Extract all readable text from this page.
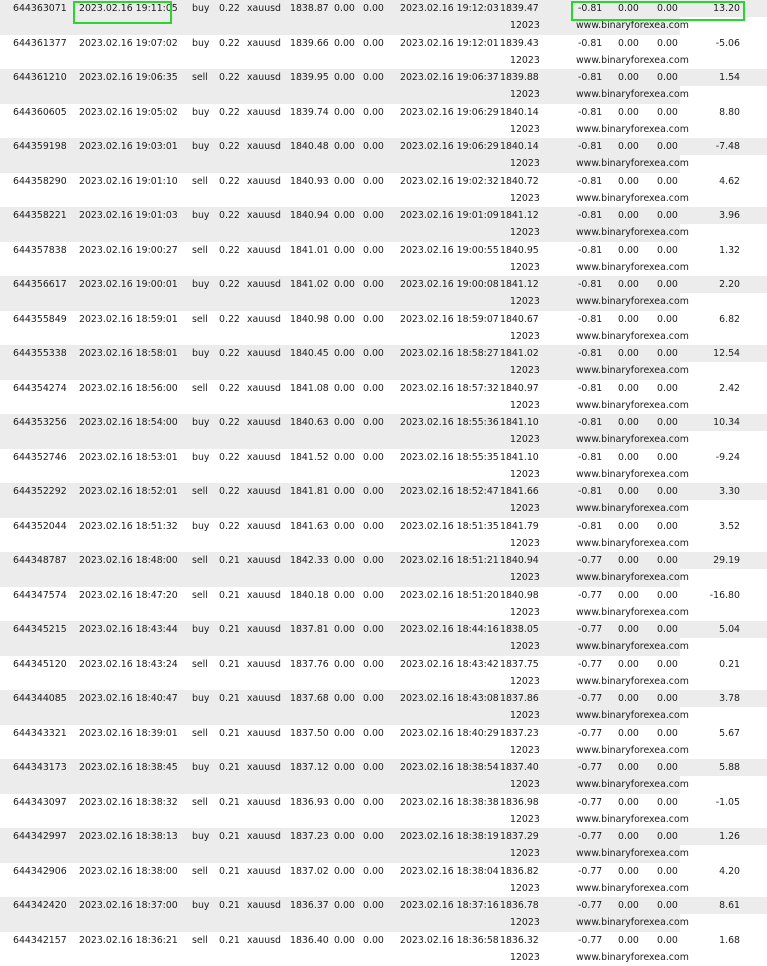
644363071 2023.02.16 19:11:05 buy 0.22 xauusd 1838.87 0.00 0.00 2023.02.16 19:12:03 1839.47	-0.81 0.00 0.00	13.20
12023	www.binaryforexea.com
644361377 2023.02.16 19:07:02 buy 0.22 xauusd 1839.66 0.00 0.00 2023.02.16 19:12:01 1839.43	-0.81 0.00 0.00	-5.06
12023	www.binaryforexea.com
644361210 2023.02.16 19:06:35 sell 0.22 xauusd 1839.95 0.00 0.00 2023.02.16 19:06:37 1839.88	-0.81 0.00 0.00	1.54
12023	www.binaryforexea.com
644360605 2023.02.16 19:05:02 buy 0.22 xauusd 1839.74 0.00 0.00 2023.02.16 19:06:29 1840.14	-0.81 0.00 0.00	8.80
12023	www.binaryforexea.com
644359198 2023.02.16 19:03:01 buy 0.22 xauusd 1840.48 0.00 0.00 2023.02.16 19:06:29 1840.14	-0.81 0.00 0.00	-7.48
12023	www.binaryforexea.com
644358290 2023.02.16 19:01:10 sell 0.22 xauusd 1840.93 0.00 0.00 2023.02.16 19:02:32 1840.72	-0.81 0.00 0.00	4.62
12023	www.binaryforexea.com
644358221 2023.02.16 19:01:03 buy 0.22 xauusd 1840.94 0.00 0.00 2023.02.16 19:01:09 1841.12	-0.81 0.00 0.00	3.96
12023	www.binaryforexea.com
644357838 2023.02.16 19:00:27 sell 0.22 xauusd 1841.01 0.00 0.00 2023.02.16 19:00:55 1840.95	-0.81 0.00 0.00	1.32
12023	www.binaryforexea.com
644356617 2023.02.16 19:00:01 buy 0.22 xauusd 1841.02 0.00 0.00 2023.02.16 19:00:08 1841.12	-0.81 0.00 0.00	2.20
12023	www.binaryforexea.com
644355849 2023.02.16 18:59:01 sell 0.22 xauusd 1840.98 0.00 0.00 2023.02.16 18:59:07 1840.67	-0.81 0.00 0.00	6.82
12023	www.binaryforexea.com
644355338 2023.02.16 18:58:01 buy 0.22 xauusd 1840.45 0.00 0.00 2023.02.16 18:58:27 1841.02	-0.81 0.00 0.00	12.54
12023	www.binaryforexea.com
644354274 2023.02.16 18:56:00 sell 0.22 xauusd 1841.08 0.00 0.00 2023.02.16 18:57:32 1840.97	-0.81 0.00 0.00	2.42
12023	www.binaryforexea.com
644353256 2023.02.16 18:54:00 buy 0.22 xauusd 1840.63 0.00 0.00 2023.02.16 18:55:36 1841.10	-0.81 0.00 0.00	10.34
12023	www.binaryforexea.com
644352746 2023.02.16 18:53:01 buy 0.22 xauusd 1841.52 0.00 0.00 2023.02.16 18:55:35 1841.10	-0.81 0.00 0.00	-9.24
12023	www.binaryforexea.com
644352292 2023.02.16 18:52:01 sell 0.22 xauusd 1841.81 0.00 0.00 2023.02.16 18:52:47 1841.66	-0.81 0.00 0.00	3.30
12023	www.binaryforexea.com
644352044 2023.02.16 18:51:32 buy 0.22 xauusd 1841.63 0.00 0.00 2023.02.16 18:51:35 1841.79	-0.81 0.00 0.00	3.52
12023	www.binaryforexea.com
644348787 2023.02.16 18:48:00 sell 0.21 xauusd 1842.33 0.00 0.00 2023.02.16 18:51:21 1840.94	-0.77 0.00 0.00	29.19
12023	www.binaryforexea.com
644347574 2023.02.16 18:47:20 sell 0.21 xauusd 1840.18 0.00 0.00 2023.02.16 18:51:20 1840.98	-0.77 0.00 0.00	-16.80
12023	www.binaryforexea.com
644345215 2023.02.16 18:43:44 buy 0.21 xauusd 1837.81 0.00 0.00 2023.02.16 18:44:16 1838.05	-0.77 0.00 0.00	5.04
12023	www.binaryforexea.com
644345120 2023.02.16 18:43:24 sell 0.21 xauusd 1837.76 0.00 0.00 2023.02.16 18:43:42 1837.75	-0.77 0.00 0.00	0.21
12023	www.binaryforexea.com
644344085 2023.02.16 18:40:47 buy 0.21 xauusd 1837.68 0.00 0.00 2023.02.16 18:43:08 1837.86	-0.77 0.00 0.00	3.78
12023	www.binaryforexea.com
644343321 2023.02.16 18:39:01 sell 0.21 xauusd 1837.50 0.00 0.00 2023.02.16 18:40:29 1837.23	-0.77 0.00 0.00	5.67
12023	www.binaryforexea.com
644343173 2023.02.16 18:38:45 buy 0.21 xauusd 1837.12 0.00 0.00 2023.02.16 18:38:54 1837.40	-0.77 0.00 0.00	5.88
12023	www.binaryforexea.com
644343097 2023.02.16 18:38:32 sell 0.21 xauusd 1836.93 0.00 0.00 2023.02.16 18:38:38 1836.98	-0.77 0.00 0.00	-1.05
12023	www.binaryforexea.com
644342997 2023.02.16 18:38:13 buy 0.21 xauusd 1837.23 0.00 0.00 2023.02.16 18:38:19 1837.29	-0.77 0.00 0.00	1.26
12023	www.binaryforexea.com
644342906 2023.02.16 18:38:00 sell 0.21 xauusd 1837.02 0.00 0.00 2023.02.16 18:38:04 1836.82	-0.77 0.00 0.00	4.20
12023	www.binaryforexea.com
644342420 2023.02.16 18:37:00 buy 0.21 xauusd 1836.37 0.00 0.00 2023.02.16 18:37:16 1836.78	-0.77 0.00 0.00	8.61
12023	www.binaryforexea.com
644342157 2023.02.16 18:36:21 sell 0.21 xauusd 1836.40 0.00 0.00 2023.02.16 18:36:58 1836.32	-0.77 0.00 0.00	1.68
12023	www.binaryforexea.com
